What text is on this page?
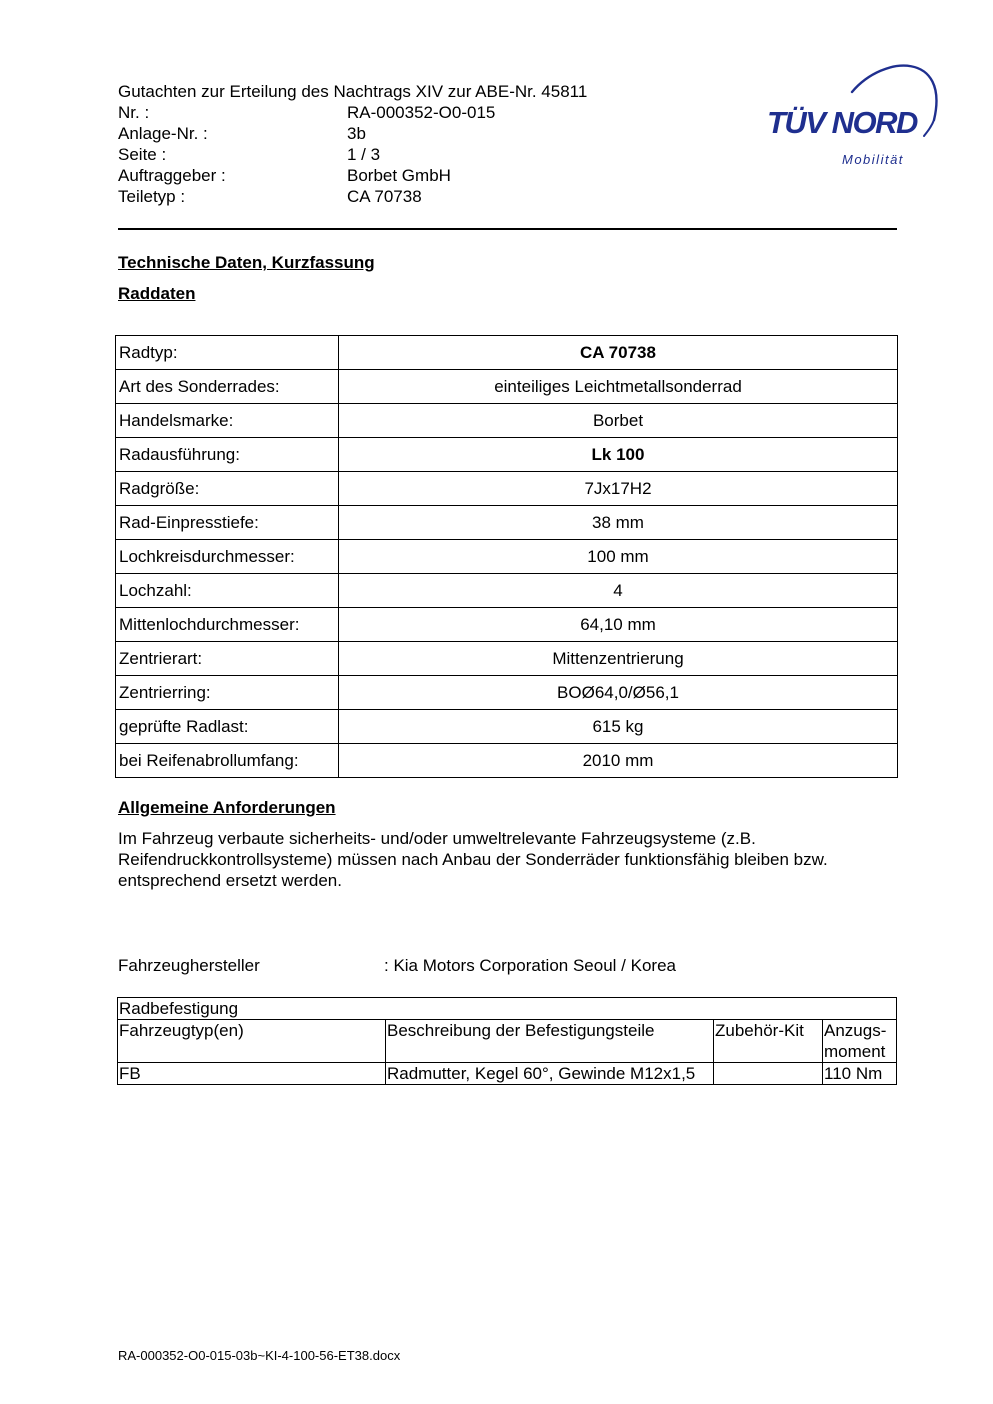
Gutachten zur Erteilung des Nachtrags XIV zur ABE-Nr. 45811
Nr. :	RA-000352-O0-015
Anlage-Nr. :	3b
Seite :	1 / 3
Auftraggeber :	Borbet GmbH
Teiletyp :	CA 70738
TÜV NORD
Mobilität
Technische Daten, Kurzfassung
Raddaten
Radtyp:	CA 70738
Art des Sonderrades:	einteiliges Leichtmetallsonderrad
Handelsmarke:	Borbet
Radausführung:	Lk 100
Radgröße:	7Jx17H2
Rad-Einpresstiefe:	38 mm
Lochkreisdurchmesser:	100 mm
Lochzahl:	4
Mittenlochdurchmesser:	64,10 mm
Zentrierart:	Mittenzentrierung
Zentrierring:	BOØ64,0/Ø56,1
geprüfte Radlast:	615 kg
bei Reifenabrollumfang:	2010 mm
Allgemeine Anforderungen
Im Fahrzeug verbaute sicherheits- und/oder umweltrelevante Fahrzeugsysteme (z.B. Reifendruckkontrollsysteme) müssen nach Anbau der Sonderräder funktionsfähig bleiben bzw. entsprechend ersetzt werden.
Fahrzeughersteller	: Kia Motors Corporation Seoul / Korea
Radbefestigung			
Fahrzeugtyp(en)	Beschreibung der Befestigungsteile	Zubehör-Kit	Anzugs-moment
FB	Radmutter, Kegel 60°, Gewinde M12x1,5		110 Nm
RA-000352-O0-015-03b~KI-4-100-56-ET38.docx
